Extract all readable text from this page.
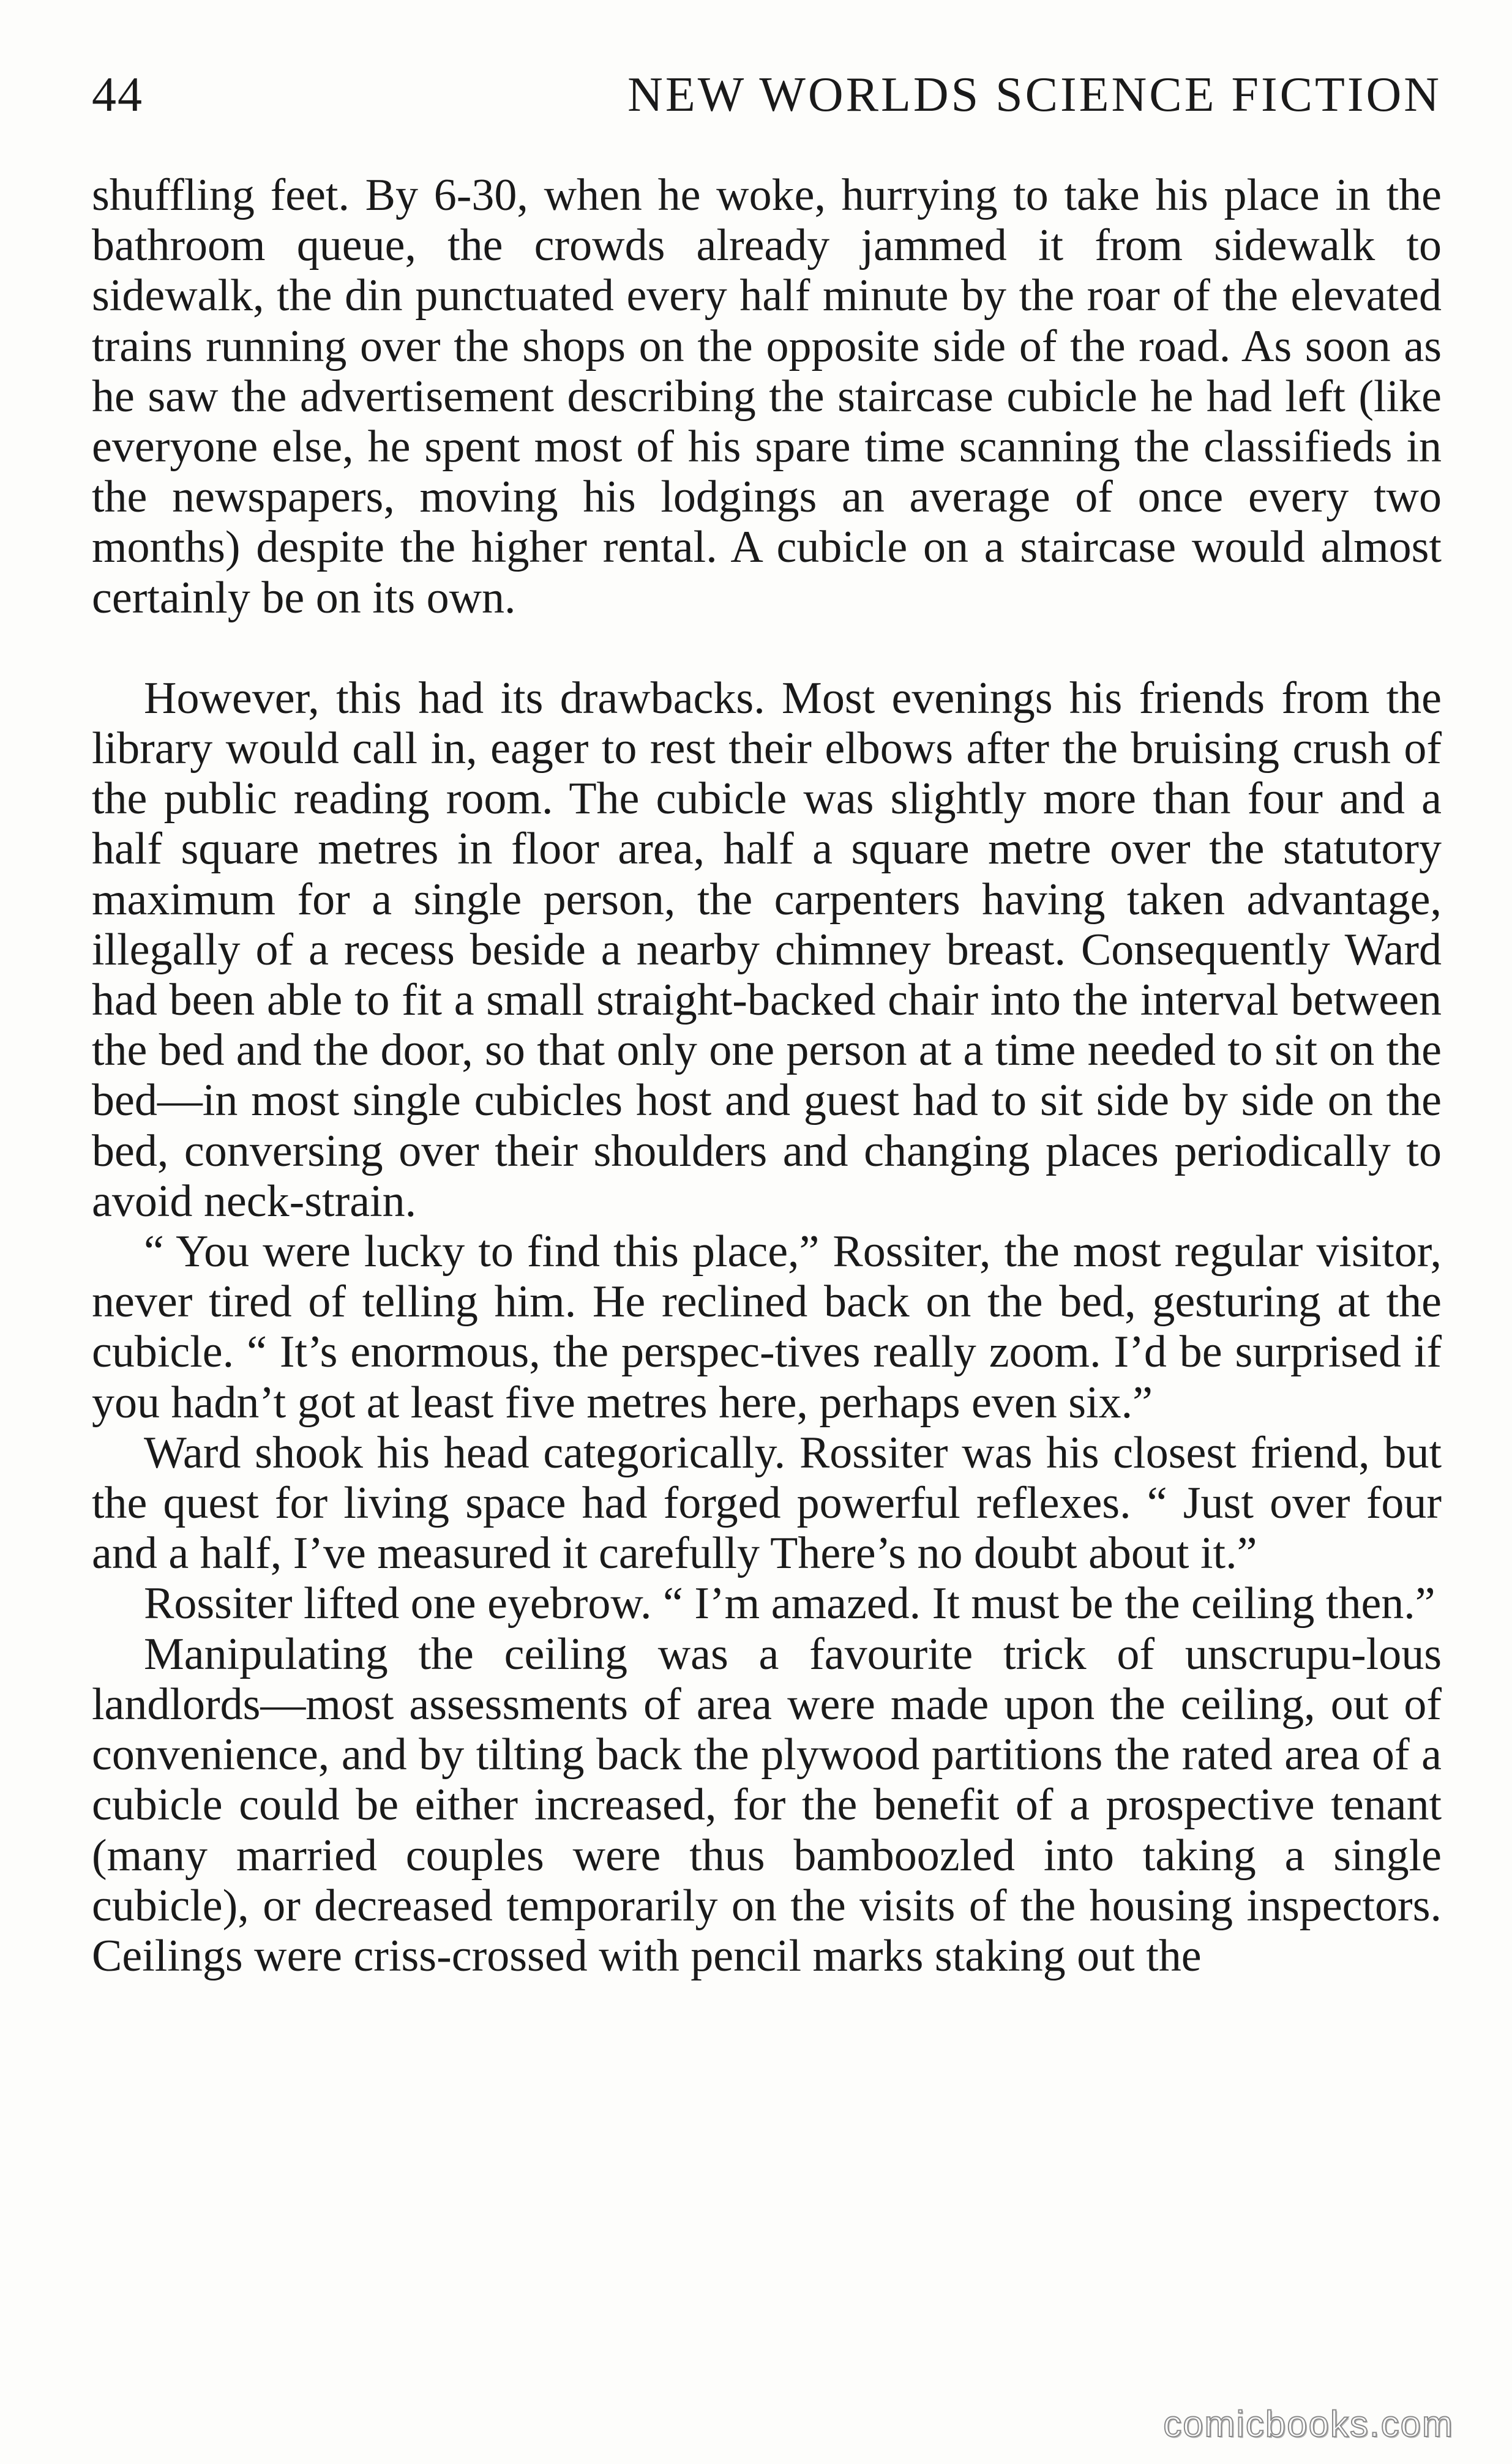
44	NEW WORLDS SCIENCE FICTION

shuffling feet. By 6-30, when he woke, hurrying to take his place in the bathroom queue, the crowds already jammed it from sidewalk to sidewalk, the din punctuated every half minute by the roar of the elevated trains running over the shops on the opposite side of the road. As soon as he saw the advertisement describing the staircase cubicle he had left (like everyone else, he spent most of his spare time scanning the classifieds in the newspapers, moving his lodgings an average of once every two months) despite the higher rental. A cubicle on a staircase would almost certainly be on its own.

However, this had its drawbacks. Most evenings his friends from the library would call in, eager to rest their elbows after the bruising crush of the public reading room. The cubicle was slightly more than four and a half square metres in floor area, half a square metre over the statutory maximum for a single person, the carpenters having taken advantage, illegally of a recess beside a nearby chimney breast. Consequently Ward had been able to fit a small straight-backed chair into the interval between the bed and the door, so that only one person at a time needed to sit on the bed—in most single cubicles host and guest had to sit side by side on the bed, conversing over their shoulders and changing places periodically to avoid neck-strain.

“ You were lucky to find this place,” Rossiter, the most regular visitor, never tired of telling him. He reclined back on the bed, gesturing at the cubicle. “ It’s enormous, the perspec-tives really zoom. I’d be surprised if you hadn’t got at least five metres here, perhaps even six.”

Ward shook his head categorically. Rossiter was his closest friend, but the quest for living space had forged powerful reflexes. “ Just over four and a half, I’ve measured it carefully There’s no doubt about it.”

Rossiter lifted one eyebrow. “ I’m amazed. It must be the ceiling then.”

Manipulating the ceiling was a favourite trick of unscrupu-lous landlords—most assessments of area were made upon the ceiling, out of convenience, and by tilting back the plywood partitions the rated area of a cubicle could be either increased, for the benefit of a prospective tenant (many married couples were thus bamboozled into taking a single cubicle), or decreased temporarily on the visits of the housing inspectors. Ceilings were criss-crossed with pencil marks staking out the

comicbooks.com
